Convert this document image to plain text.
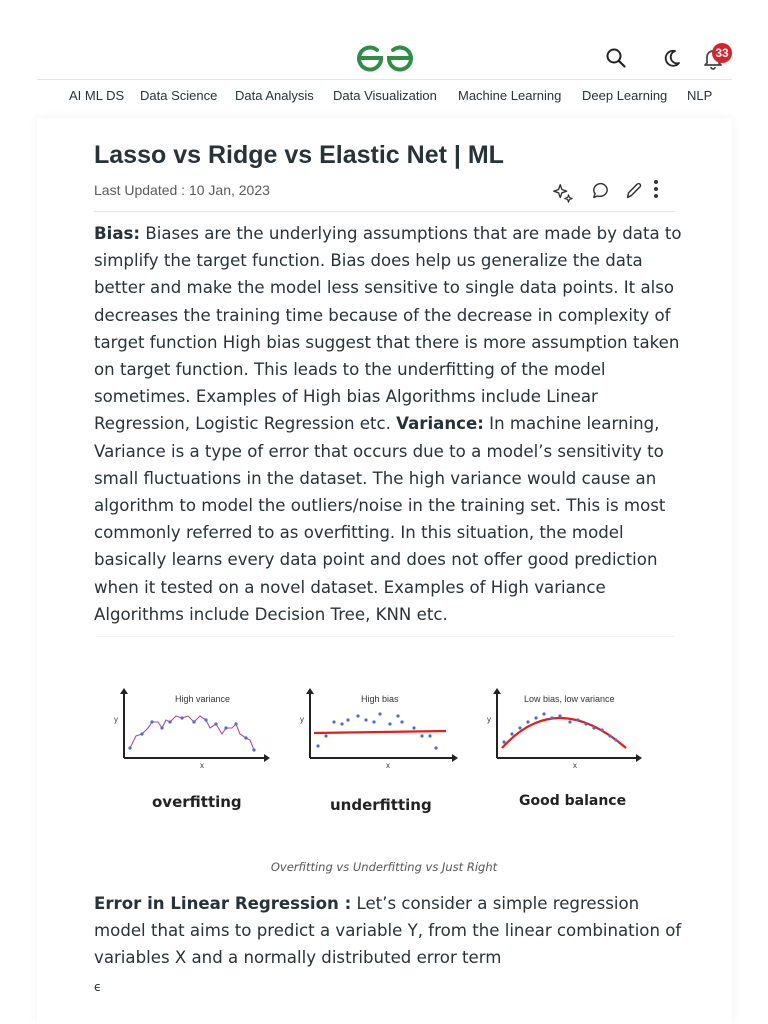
33
AI ML DS Data Science Data Analysis Data Visualization Machine Learning Deep Learning NLP
Lasso vs Ridge vs Elastic Net | ML
Last Updated : 10 Jan, 2023

Bias: Biases are the underlying assumptions that are made by data to simplify the target function. Bias does help us generalize the data better and make the model less sensitive to single data points. It also decreases the training time because of the decrease in complexity of target function High bias suggest that there is more assumption taken on target function. This leads to the underfitting of the model sometimes. Examples of High bias Algorithms include Linear Regression, Logistic Regression etc. Variance: In machine learning, Variance is a type of error that occurs due to a model’s sensitivity to small fluctuations in the dataset. The high variance would cause an algorithm to model the outliers/noise in the training set. This is most commonly referred to as overfitting. In this situation, the model basically learns every data point and does not offer good prediction when it tested on a novel dataset. Examples of High variance Algorithms include Decision Tree, KNN etc.

High variance
y
x
High bias
y
x
Low bias, low variance
y
x
overfitting	underfitting	Good balance
Overfitting vs Underfitting vs Just Right

Error in Linear Regression : Let’s consider a simple regression model that aims to predict a variable Y, from the linear combination of variables X and a normally distributed error term
ϵ
